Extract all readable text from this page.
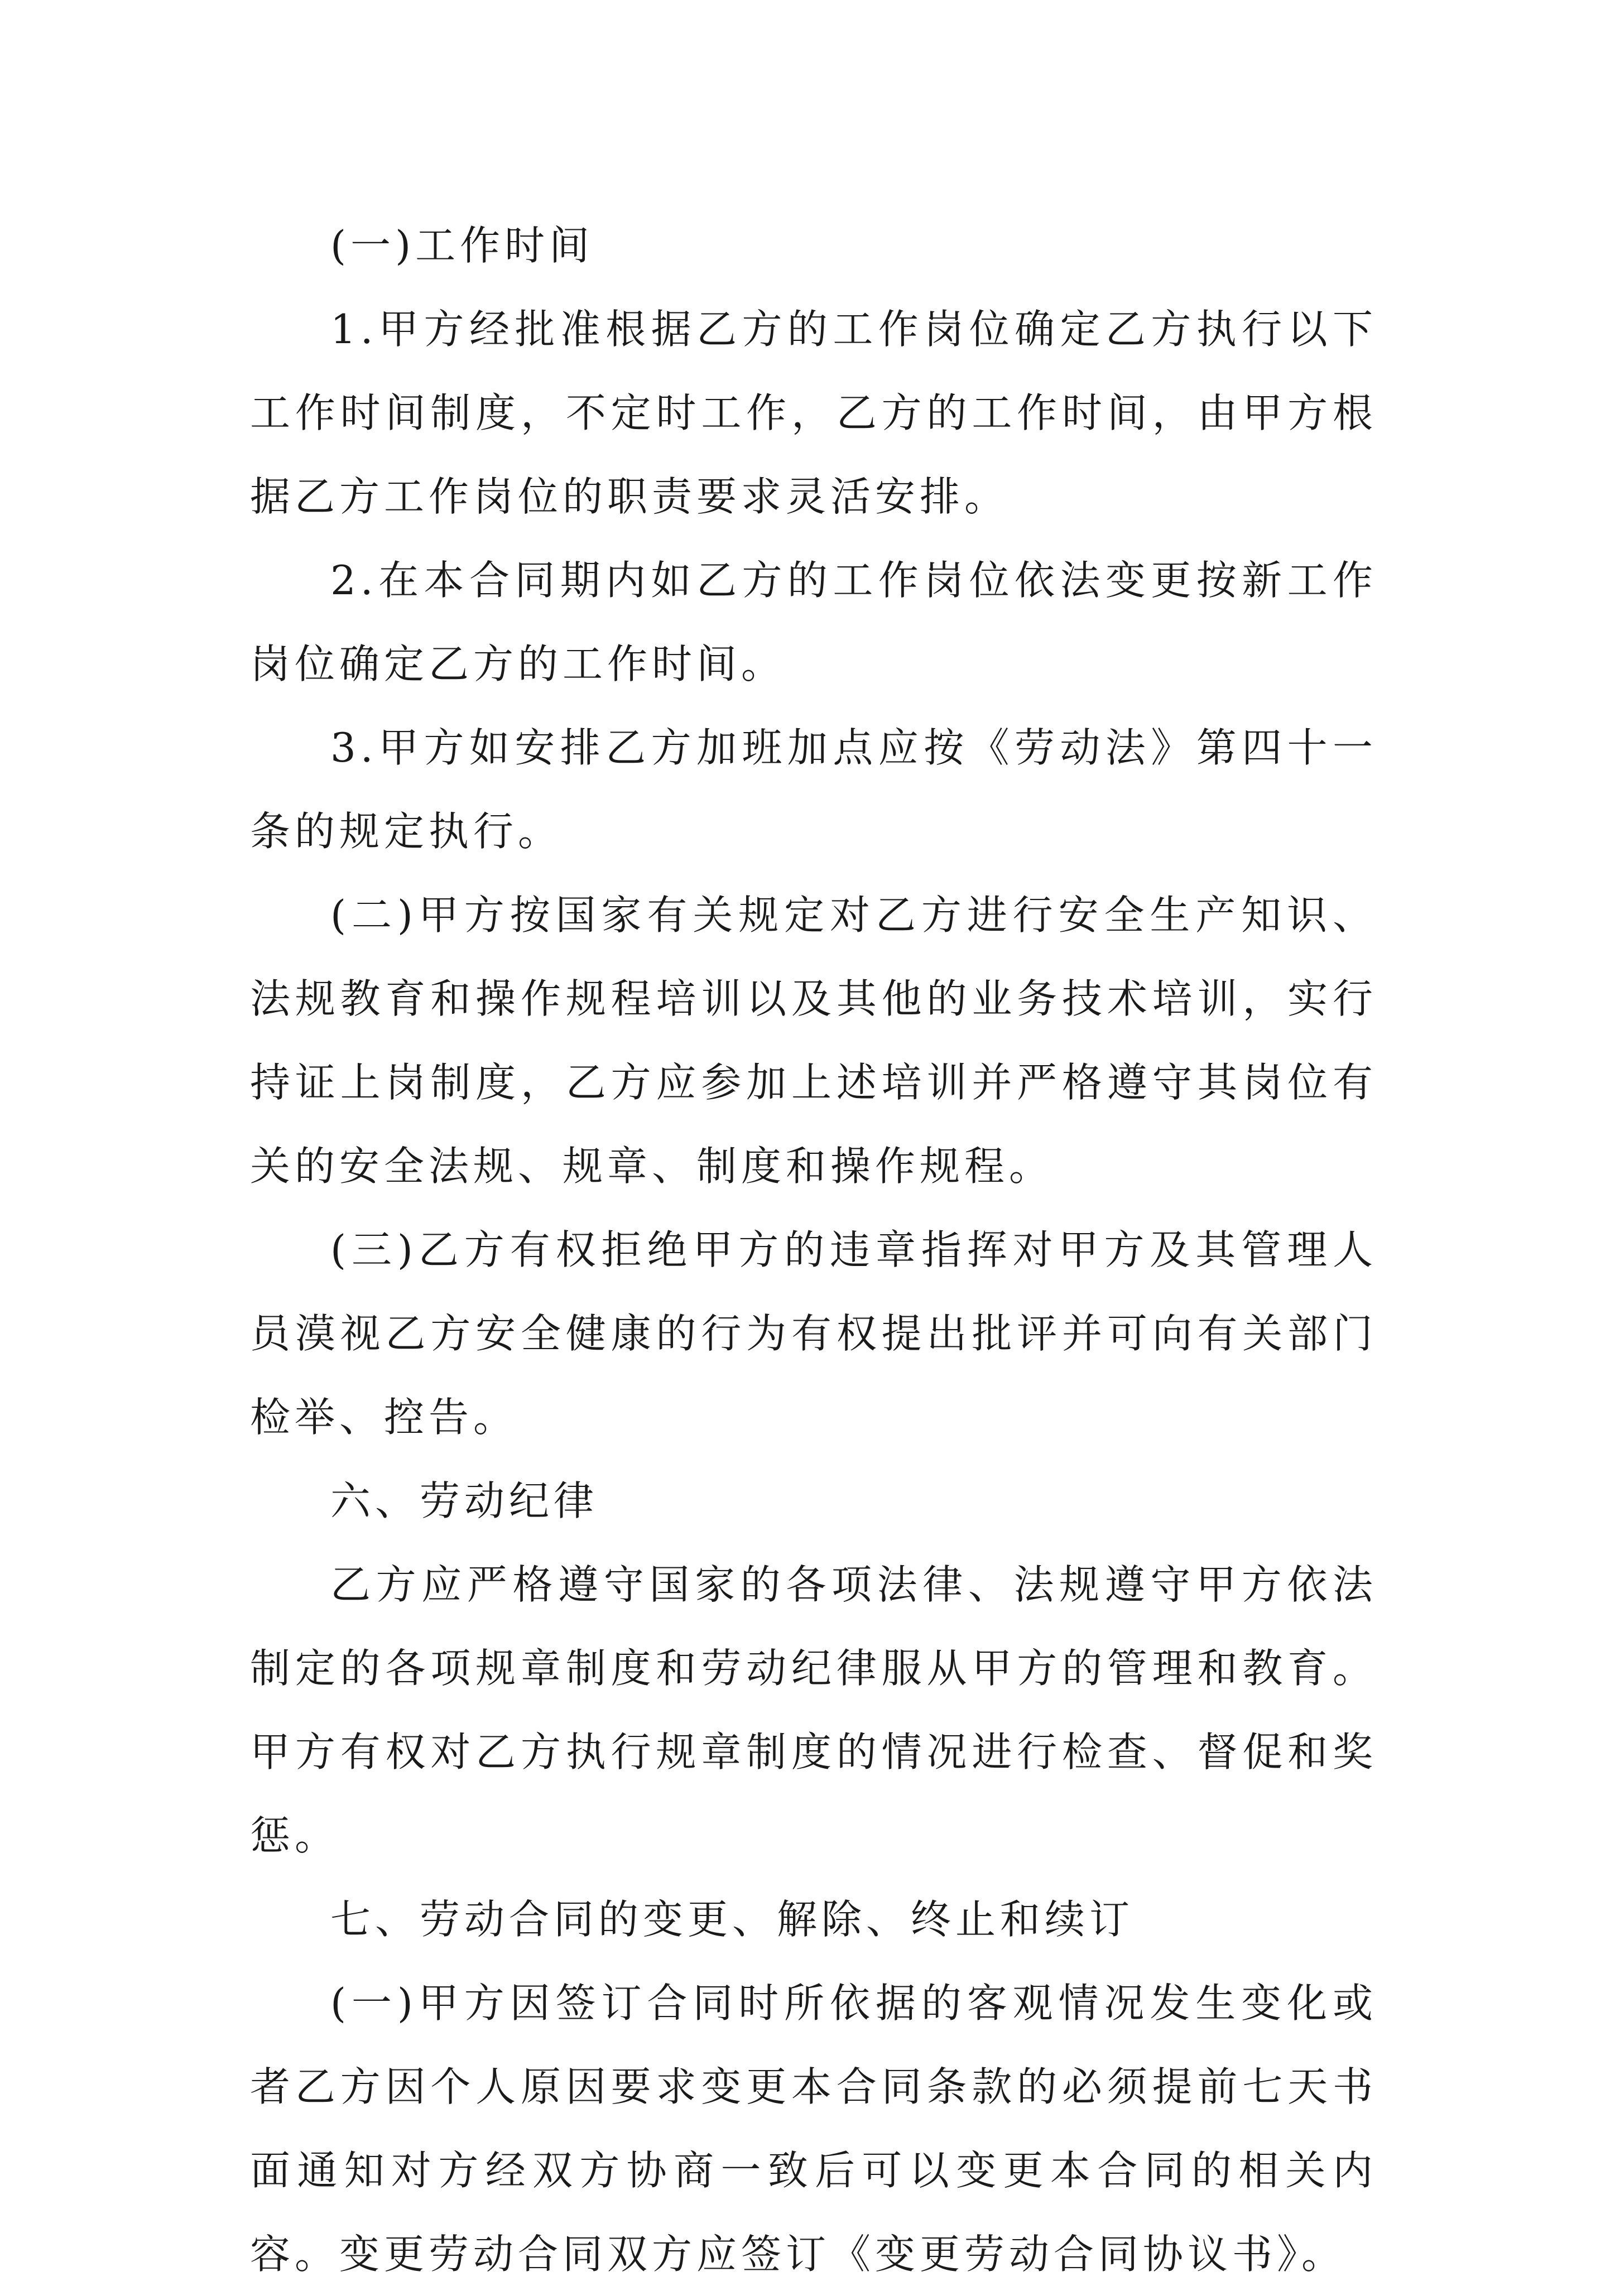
(一)工作时间

1.甲方经批准根据乙方的工作岗位确定乙方执行以下工作时间制度，不定时工作，乙方的工作时间，由甲方根据乙方工作岗位的职责要求灵活安排。

2.在本合同期内如乙方的工作岗位依法变更按新工作岗位确定乙方的工作时间。

3.甲方如安排乙方加班加点应按《劳动法》第四十一条的规定执行。

(二)甲方按国家有关规定对乙方进行安全生产知识、法规教育和操作规程培训以及其他的业务技术培训，实行持证上岗制度，乙方应参加上述培训并严格遵守其岗位有关的安全法规、规章、制度和操作规程。

(三)乙方有权拒绝甲方的违章指挥对甲方及其管理人员漠视乙方安全健康的行为有权提出批评并可向有关部门检举、控告。

六、劳动纪律

乙方应严格遵守国家的各项法律、法规遵守甲方依法制定的各项规章制度和劳动纪律服从甲方的管理和教育。甲方有权对乙方执行规章制度的情况进行检查、督促和奖惩。

七、劳动合同的变更、解除、终止和续订

(一)甲方因签订合同时所依据的客观情况发生变化或者乙方因个人原因要求变更本合同条款的必须提前七天书面通知对方经双方协商一致后可以变更本合同的相关内容。变更劳动合同双方应签订《变更劳动合同协议书》。
